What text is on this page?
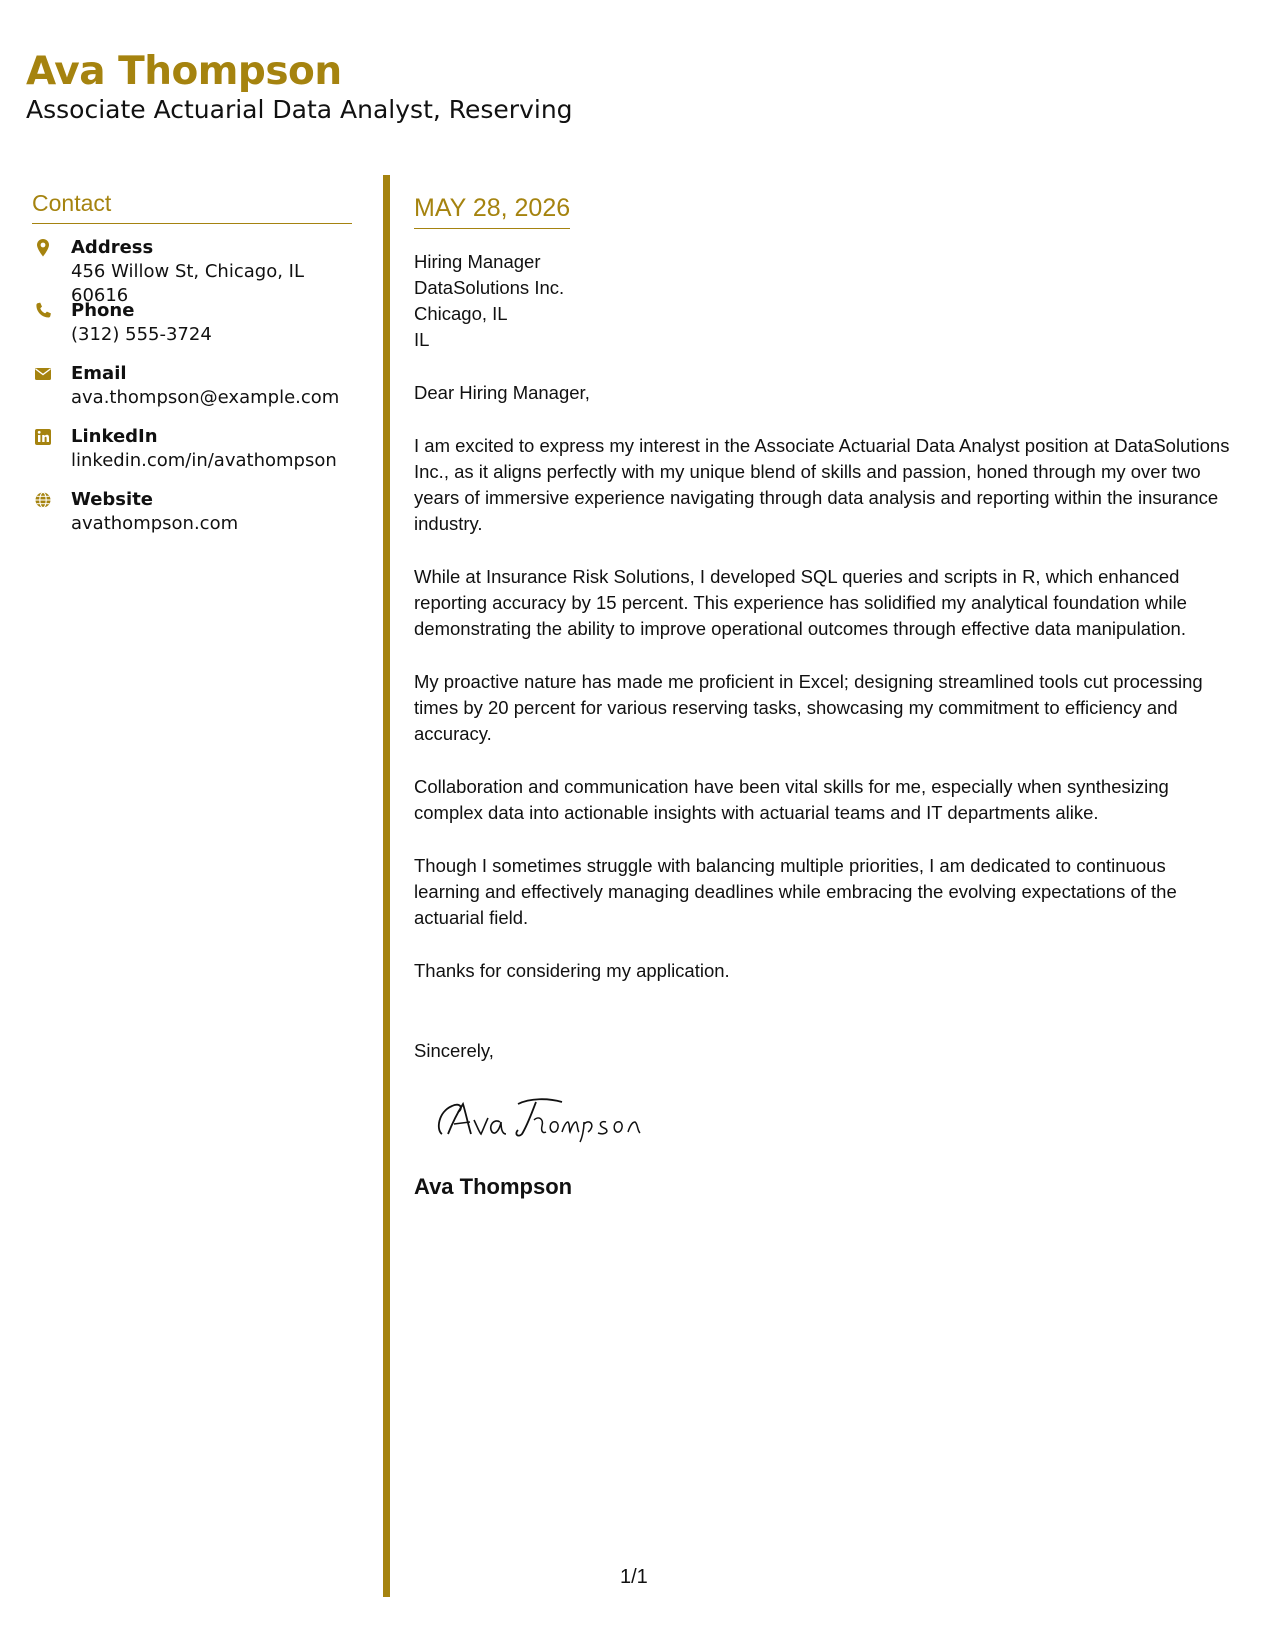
Ava Thompson
Associate Actuarial Data Analyst, Reserving
Contact
Address
456 Willow St, Chicago, IL 60616
Phone
(312) 555-3724
Email
ava.thompson@example.com
LinkedIn
linkedin.com/in/avathompson
Website
avathompson.com
MAY 28, 2026
Hiring Manager
DataSolutions Inc.
Chicago, IL
IL
Dear Hiring Manager,
I am excited to express my interest in the Associate Actuarial Data Analyst position at DataSolutions Inc., as it aligns perfectly with my unique blend of skills and passion, honed through my over two years of immersive experience navigating through data analysis and reporting within the insurance industry.
While at Insurance Risk Solutions, I developed SQL queries and scripts in R, which enhanced reporting accuracy by 15 percent. This experience has solidified my analytical foundation while demonstrating the ability to improve operational outcomes through effective data manipulation.
My proactive nature has made me proficient in Excel; designing streamlined tools cut processing times by 20 percent for various reserving tasks, showcasing my commitment to efficiency and accuracy.
Collaboration and communication have been vital skills for me, especially when synthesizing complex data into actionable insights with actuarial teams and IT departments alike.
Though I sometimes struggle with balancing multiple priorities, I am dedicated to continuous learning and effectively managing deadlines while embracing the evolving expectations of the actuarial field.
Thanks for considering my application.
Sincerely,
Ava Thompson
1/1
